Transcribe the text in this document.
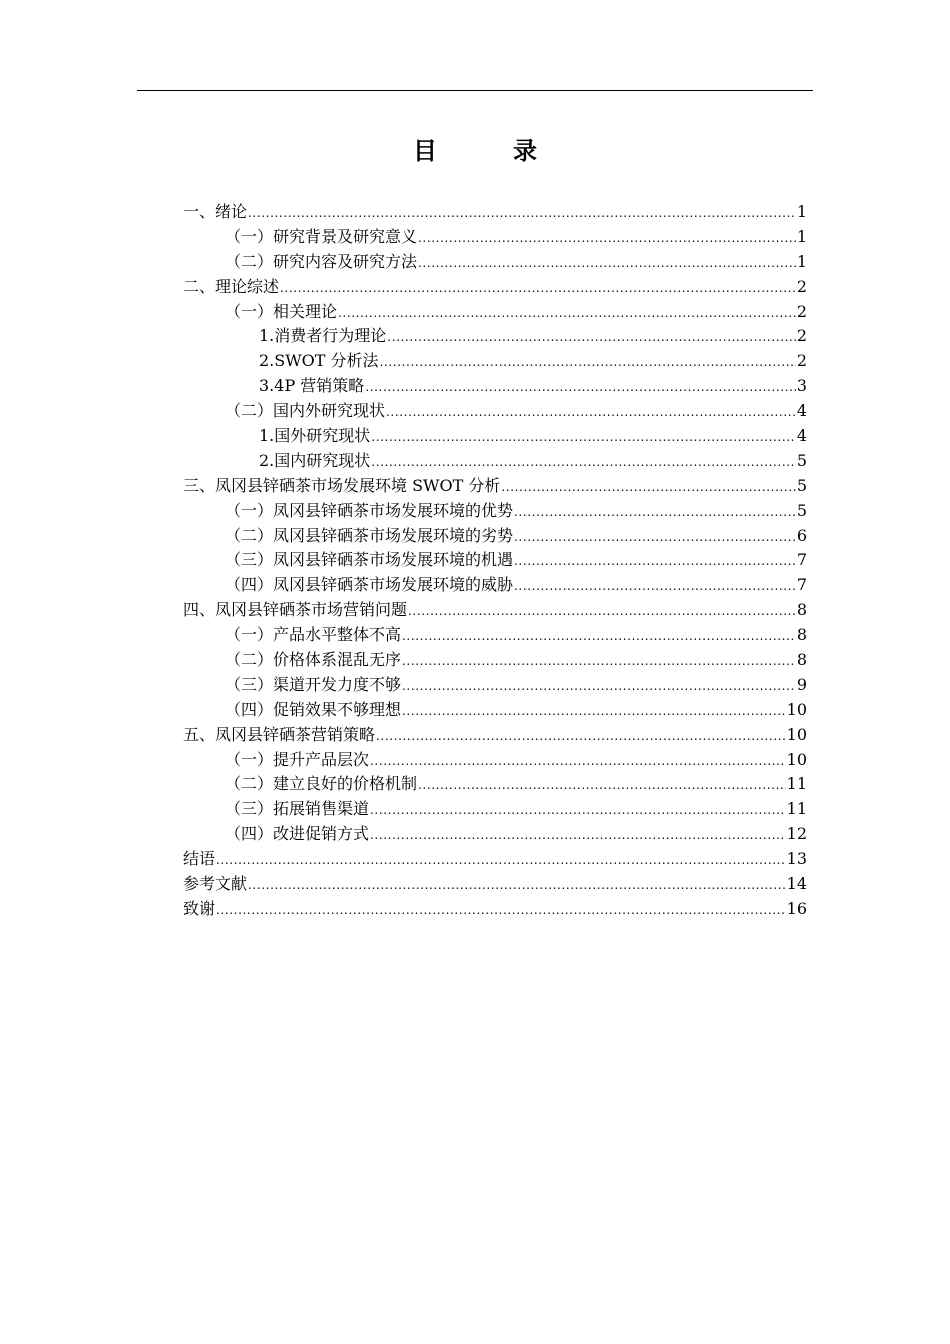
目　录
一、绪论 .....	1
（一）研究背景及研究意义 .....	1
（二）研究内容及研究方法 .....	1
二、理论综述 .....	2
（一）相关理论 .....	2
1.消费者行为理论 .....	2
2.SWOT 分析法 .....	2
3.4P 营销策略 .....	3
（二）国内外研究现状 .....	4
1.国外研究现状 .....	4
2.国内研究现状 .....	5
三、凤冈县锌硒茶市场发展环境 SWOT 分析 .....	5
（一）凤冈县锌硒茶市场发展环境的优势 .....	5
（二）凤冈县锌硒茶市场发展环境的劣势 .....	6
（三）凤冈县锌硒茶市场发展环境的机遇 .....	7
（四）凤冈县锌硒茶市场发展环境的威胁 .....	7
四、凤冈县锌硒茶市场营销问题 .....	8
（一）产品水平整体不高 .....	8
（二）价格体系混乱无序 .....	8
（三）渠道开发力度不够 .....	9
（四）促销效果不够理想 .....	10
五、凤冈县锌硒茶营销策略 .....	10
（一）提升产品层次 .....	10
（二）建立良好的价格机制 .....	11
（三）拓展销售渠道 .....	11
（四）改进促销方式 .....	12
结语 .....	13
参考文献 .....	14
致谢 .....	16
